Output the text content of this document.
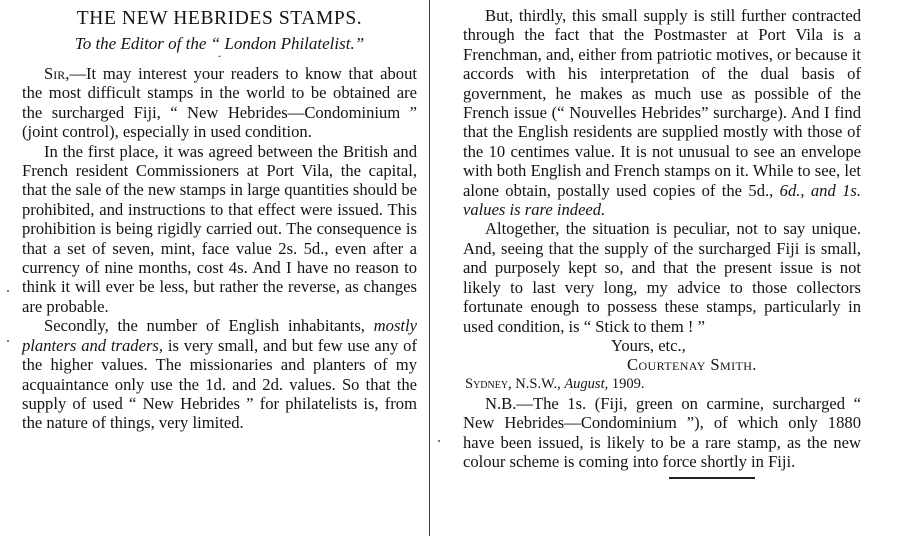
THE NEW HEBRIDES STAMPS.
To the Editor of the “ London Philatelist.”
ˇ

Sir,—It may interest your readers to know that about the most difficult stamps in the world to be obtained are the surcharged Fiji, “ New Hebrides—Condominium ” (joint control), especially in used condition.

In the first place, it was agreed between the British and French resident Commissioners at Port Vila, the capital, that the sale of the new stamps in large quantities should be prohibited, and instructions to that effect were issued. This prohibition is being rigidly carried out. The consequence is that a set of seven, mint, face value 2s. 5d., even after a currency of nine months, cost 4s. And I have no reason to think it will ever be less, but rather the reverse, as changes are probable.

Secondly, the number of English inhabitants, mostly planters and traders, is very small, and but few use any of the higher values. The missionaries and planters of my acquaintance only use the 1d. and 2d. values. So that the supply of used “ New Hebrides ” for philatelists is, from the nature of things, very limited.

But, thirdly, this small supply is still further contracted through the fact that the Postmaster at Port Vila is a Frenchman, and, either from patriotic motives, or because it accords with his interpretation of the dual basis of government, he makes as much use as possible of the French issue (“ Nouvelles Hebrides” surcharge). And I find that the English residents are supplied mostly with those of the 10 centimes value. It is not unusual to see an envelope with both English and French stamps on it. While to see, let alone obtain, postally used copies of the 5d., 6d., and 1s. values is rare indeed.

Altogether, the situation is peculiar, not to say unique. And, seeing that the supply of the surcharged Fiji is small, and purposely kept so, and that the present issue is not likely to last very long, my advice to those collectors fortunate enough to possess these stamps, particularly in used condition, is “ Stick to them ! ”

Yours, etc.,
Courtenay Smith.
Sydney, N.S.W., August, 1909.

N.B.—The 1s. (Fiji, green on carmine, surcharged “ New Hebrides—Condominium ”), of which only 1880 have been issued, is likely to be a rare stamp, as the new colour scheme is coming into force shortly in Fiji.
